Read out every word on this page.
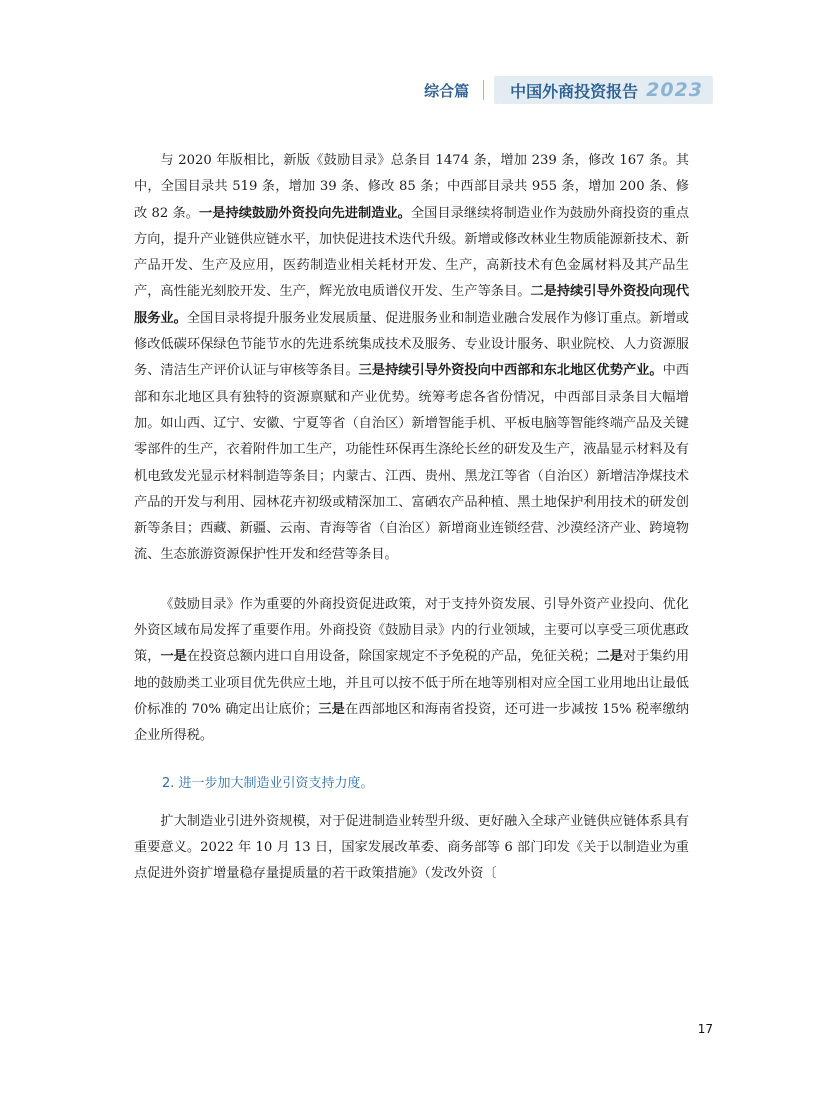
综合篇	中国外商投资报告 2023

与 2020 年版相比，新版《鼓励目录》总条目 1474 条，增加 239 条，修改 167 条。其中，全国目录共 519 条，增加 39 条、修改 85 条；中西部目录共 955 条，增加 200 条、修改 82 条。一是持续鼓励外资投向先进制造业。全国目录继续将制造业作为鼓励外商投资的重点方向，提升产业链供应链水平，加快促进技术迭代升级。新增或修改林业生物质能源新技术、新产品开发、生产及应用，医药制造业相关耗材开发、生产，高新技术有色金属材料及其产品生产，高性能光刻胶开发、生产，辉光放电质谱仪开发、生产等条目。二是持续引导外资投向现代服务业。全国目录将提升服务业发展质量、促进服务业和制造业融合发展作为修订重点。新增或修改低碳环保绿色节能节水的先进系统集成技术及服务、专业设计服务、职业院校、人力资源服务、清洁生产评价认证与审核等条目。三是持续引导外资投向中西部和东北地区优势产业。中西部和东北地区具有独特的资源禀赋和产业优势。统筹考虑各省份情况，中西部目录条目大幅增加。如山西、辽宁、安徽、宁夏等省（自治区）新增智能手机、平板电脑等智能终端产品及关键零部件的生产，衣着附件加工生产，功能性环保再生涤纶长丝的研发及生产，液晶显示材料及有机电致发光显示材料制造等条目；内蒙古、江西、贵州、黑龙江等省（自治区）新增洁净煤技术产品的开发与利用、园林花卉初级或精深加工、富硒农产品种植、黑土地保护利用技术的研发创新等条目；西藏、新疆、云南、青海等省（自治区）新增商业连锁经营、沙漠经济产业、跨境物流、生态旅游资源保护性开发和经营等条目。

《鼓励目录》作为重要的外商投资促进政策，对于支持外资发展、引导外资产业投向、优化外资区域布局发挥了重要作用。外商投资《鼓励目录》内的行业领域，主要可以享受三项优惠政策，一是在投资总额内进口自用设备，除国家规定不予免税的产品，免征关税；二是对于集约用地的鼓励类工业项目优先供应土地，并且可以按不低于所在地等别相对应全国工业用地出让最低价标准的 70% 确定出让底价；三是在西部地区和海南省投资，还可进一步减按 15% 税率缴纳企业所得税。

2. 进一步加大制造业引资支持力度。

扩大制造业引进外资规模，对于促进制造业转型升级、更好融入全球产业链供应链体系具有重要意义。2022 年 10 月 13 日，国家发展改革委、商务部等 6 部门印发《关于以制造业为重点促进外资扩增量稳存量提质量的若干政策措施》（发改外资〔

17
